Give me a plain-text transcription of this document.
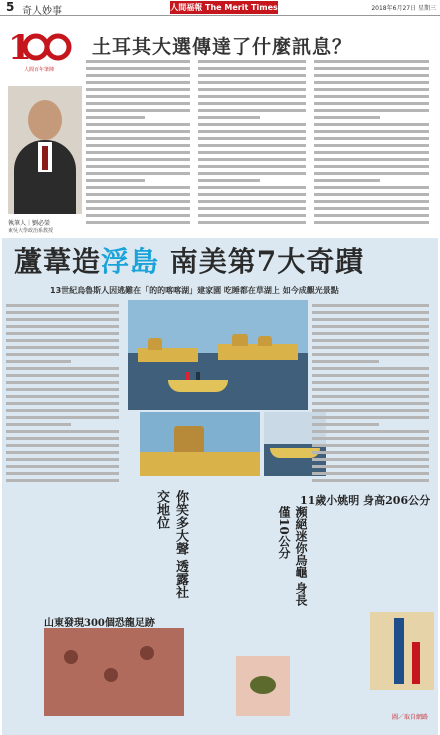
5 奇人妙事	人間福報 The Merit Times	2018年6月27日 星期三
1
人間百年筆陣
土耳其大選傳達了什麼訊息？
執筆人｜劉必榮
東吳大學政治系教授
蘆葦造浮島 南美第7大奇蹟
13世紀烏魯斯人因逃難在「的的喀喀湖」建家園 吃睡都在草湖上 如今成觀光景點
你笑多大聲 透露社交地位	瀕絕迷你烏龜 身長僅10公分
11歲小姚明 身高206公分
山東發現300個恐龍足跡
圖／取自網路
